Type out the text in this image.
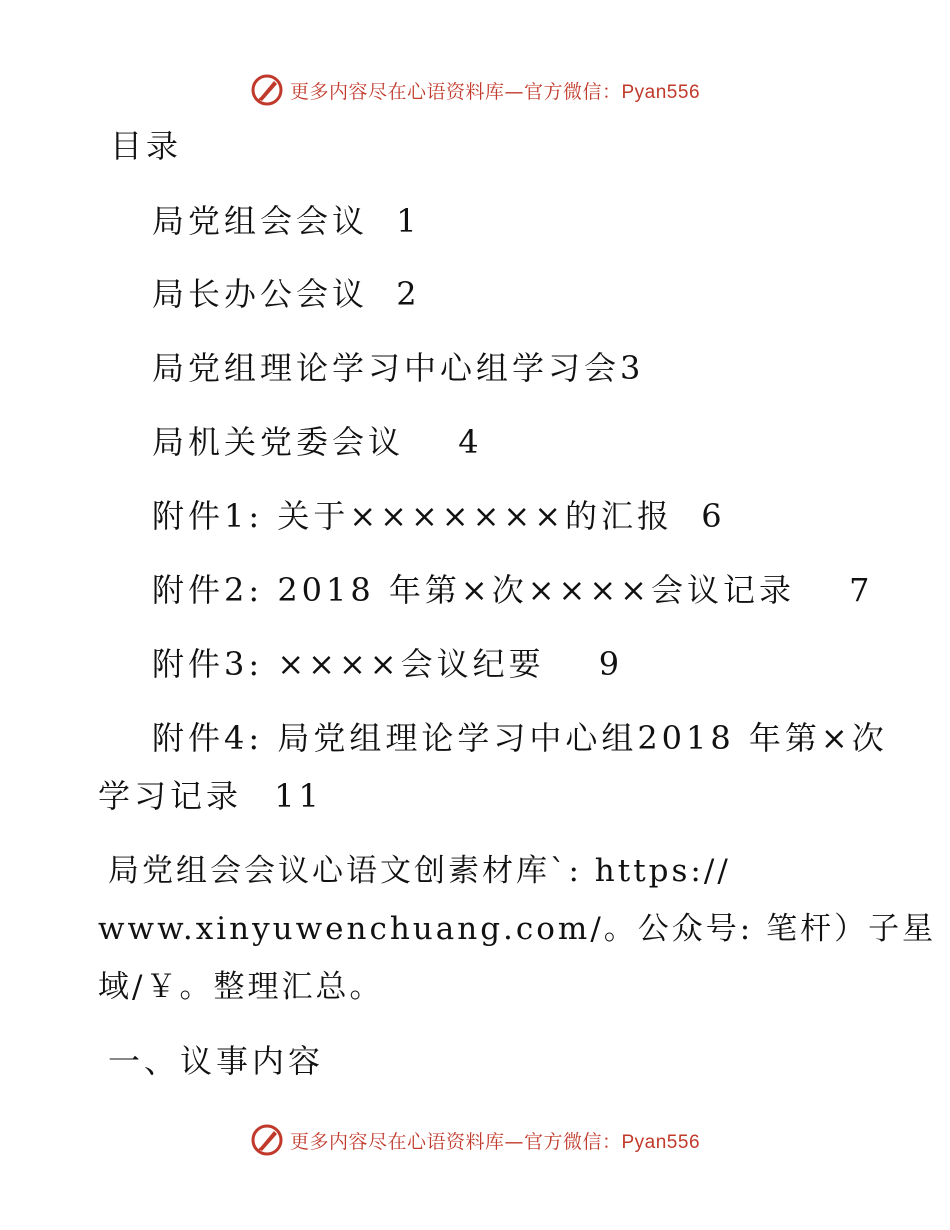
更多内容尽在心语资料库—官方微信：Pyan556
目录
局党组会会议 1
局长办公会议 2
局党组理论学习中心组学习会3
局机关党委会议 4
附件1: 关于×××××××的汇报 6
附件2: 2018 年第×次××××会议记录 7
附件3: ××××会议纪要 9
附件4: 局党组理论学习中心组2018 年第×次
学习记录 11
局党组会会议心语文创素材库`: https://
www.xinyuwenchuang.com/。公众号: 笔杆）子星
域/￥。整理汇总。
一、议事内容
更多内容尽在心语资料库—官方微信：Pyan556
